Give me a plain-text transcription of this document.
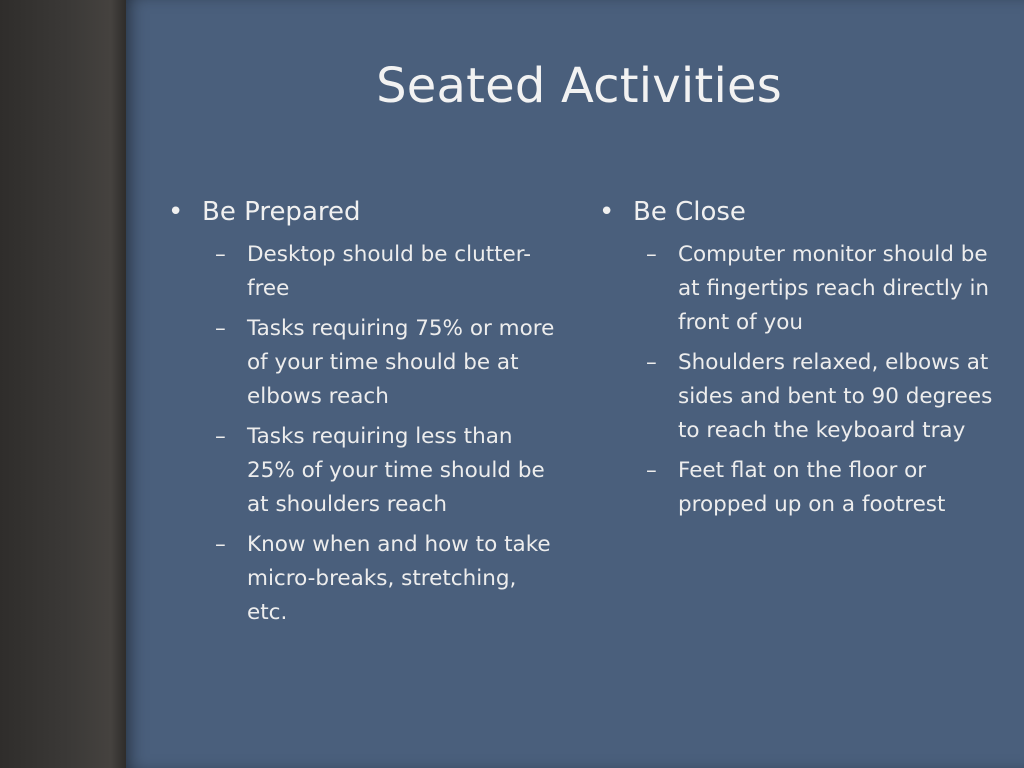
Seated Activities
• Be Prepared
– Desktop should be clutter-free
– Tasks requiring 75% or more of your time should be at elbows reach
– Tasks requiring less than 25% of your time should be at shoulders reach
– Know when and how to take micro-breaks, stretching, etc.
• Be Close
– Computer monitor should be at fingertips reach directly in front of you
– Shoulders relaxed, elbows at sides and bent to 90 degrees to reach the keyboard tray
– Feet flat on the floor or propped up on a footrest
